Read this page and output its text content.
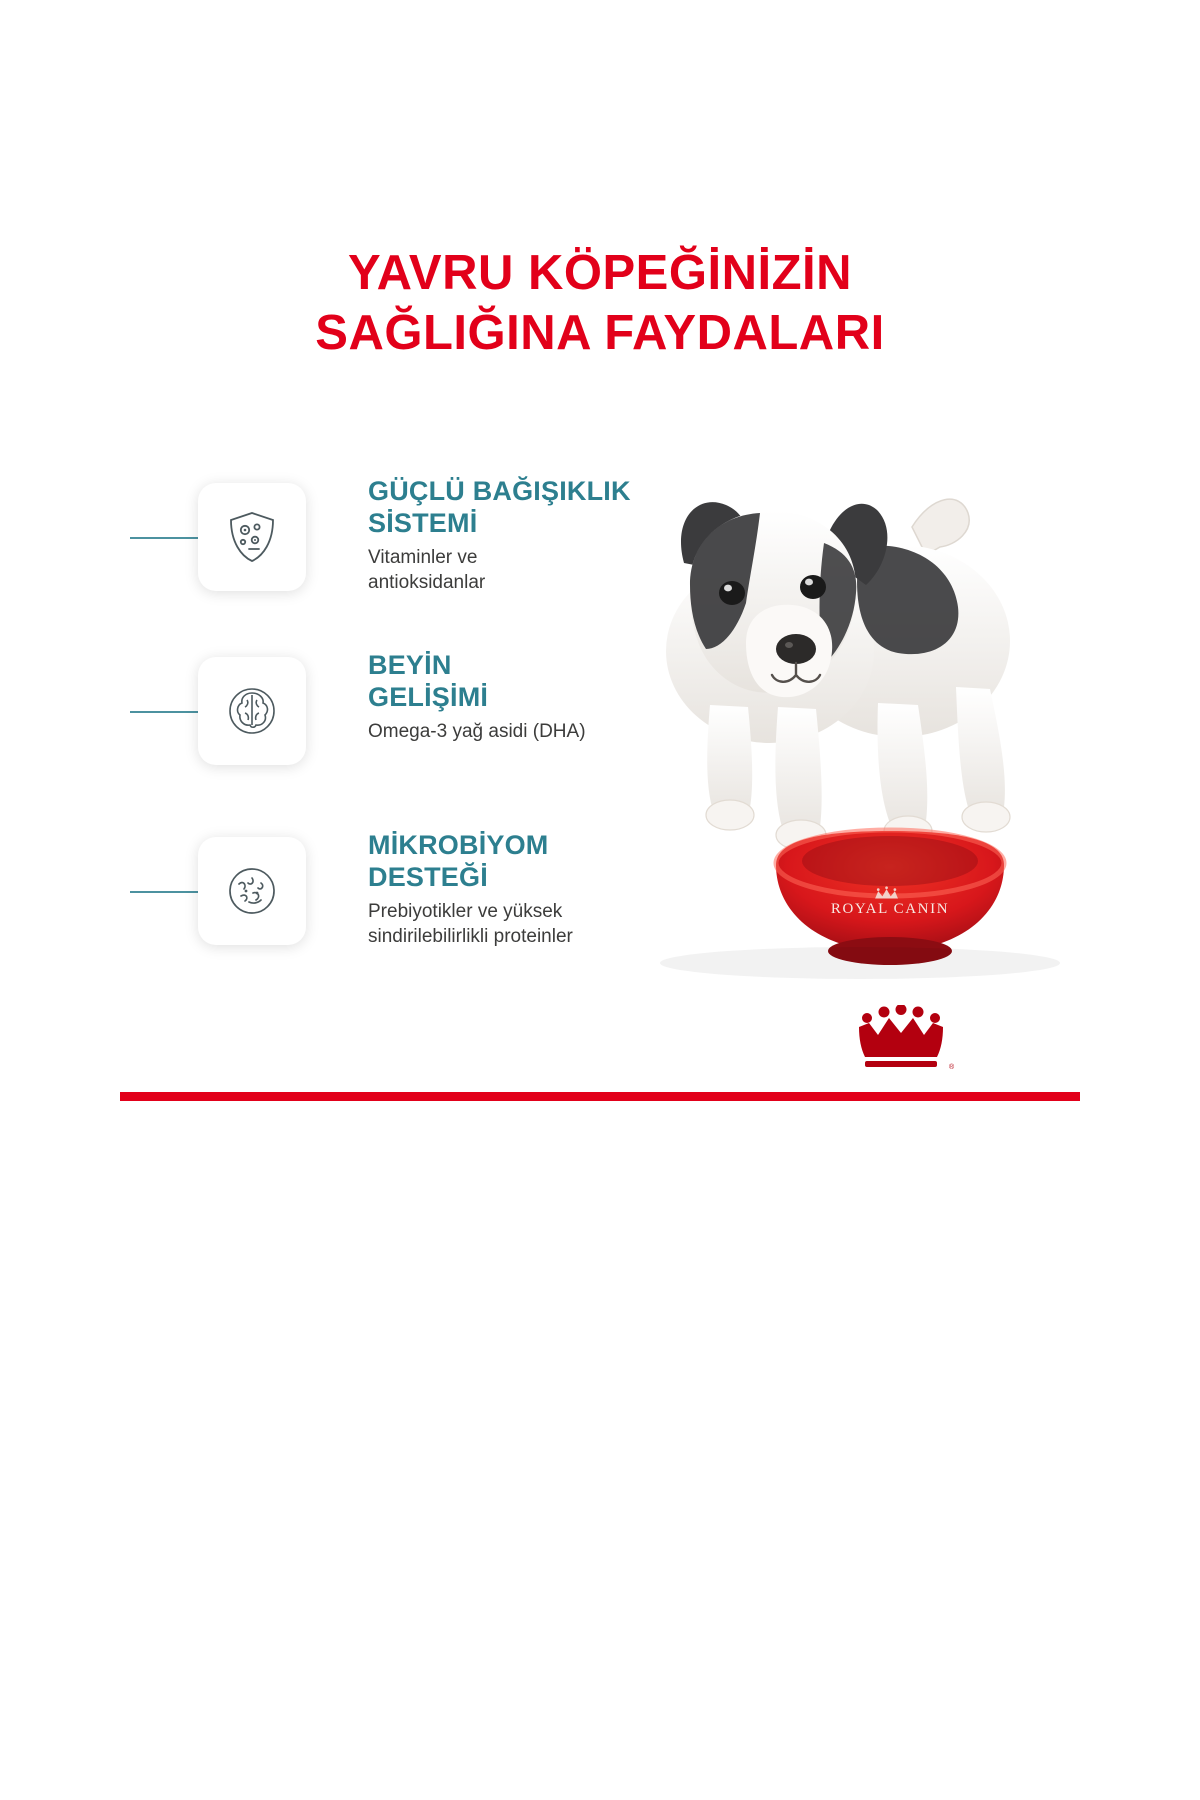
YAVRU KÖPEĞİNİZİN
SAĞLIĞINA FAYDALARI
GÜÇLÜ BAĞIŞIKLIK
SİSTEMİ
Vitaminler ve
antioksidanlar
BEYİN
GELİŞİMİ
Omega-3 yağ asidi (DHA)
MİKROBİYOM
DESTEĞİ
Prebiyotikler ve yüksek
sindirilebilirlikli proteinler
ROYAL CANIN
®
